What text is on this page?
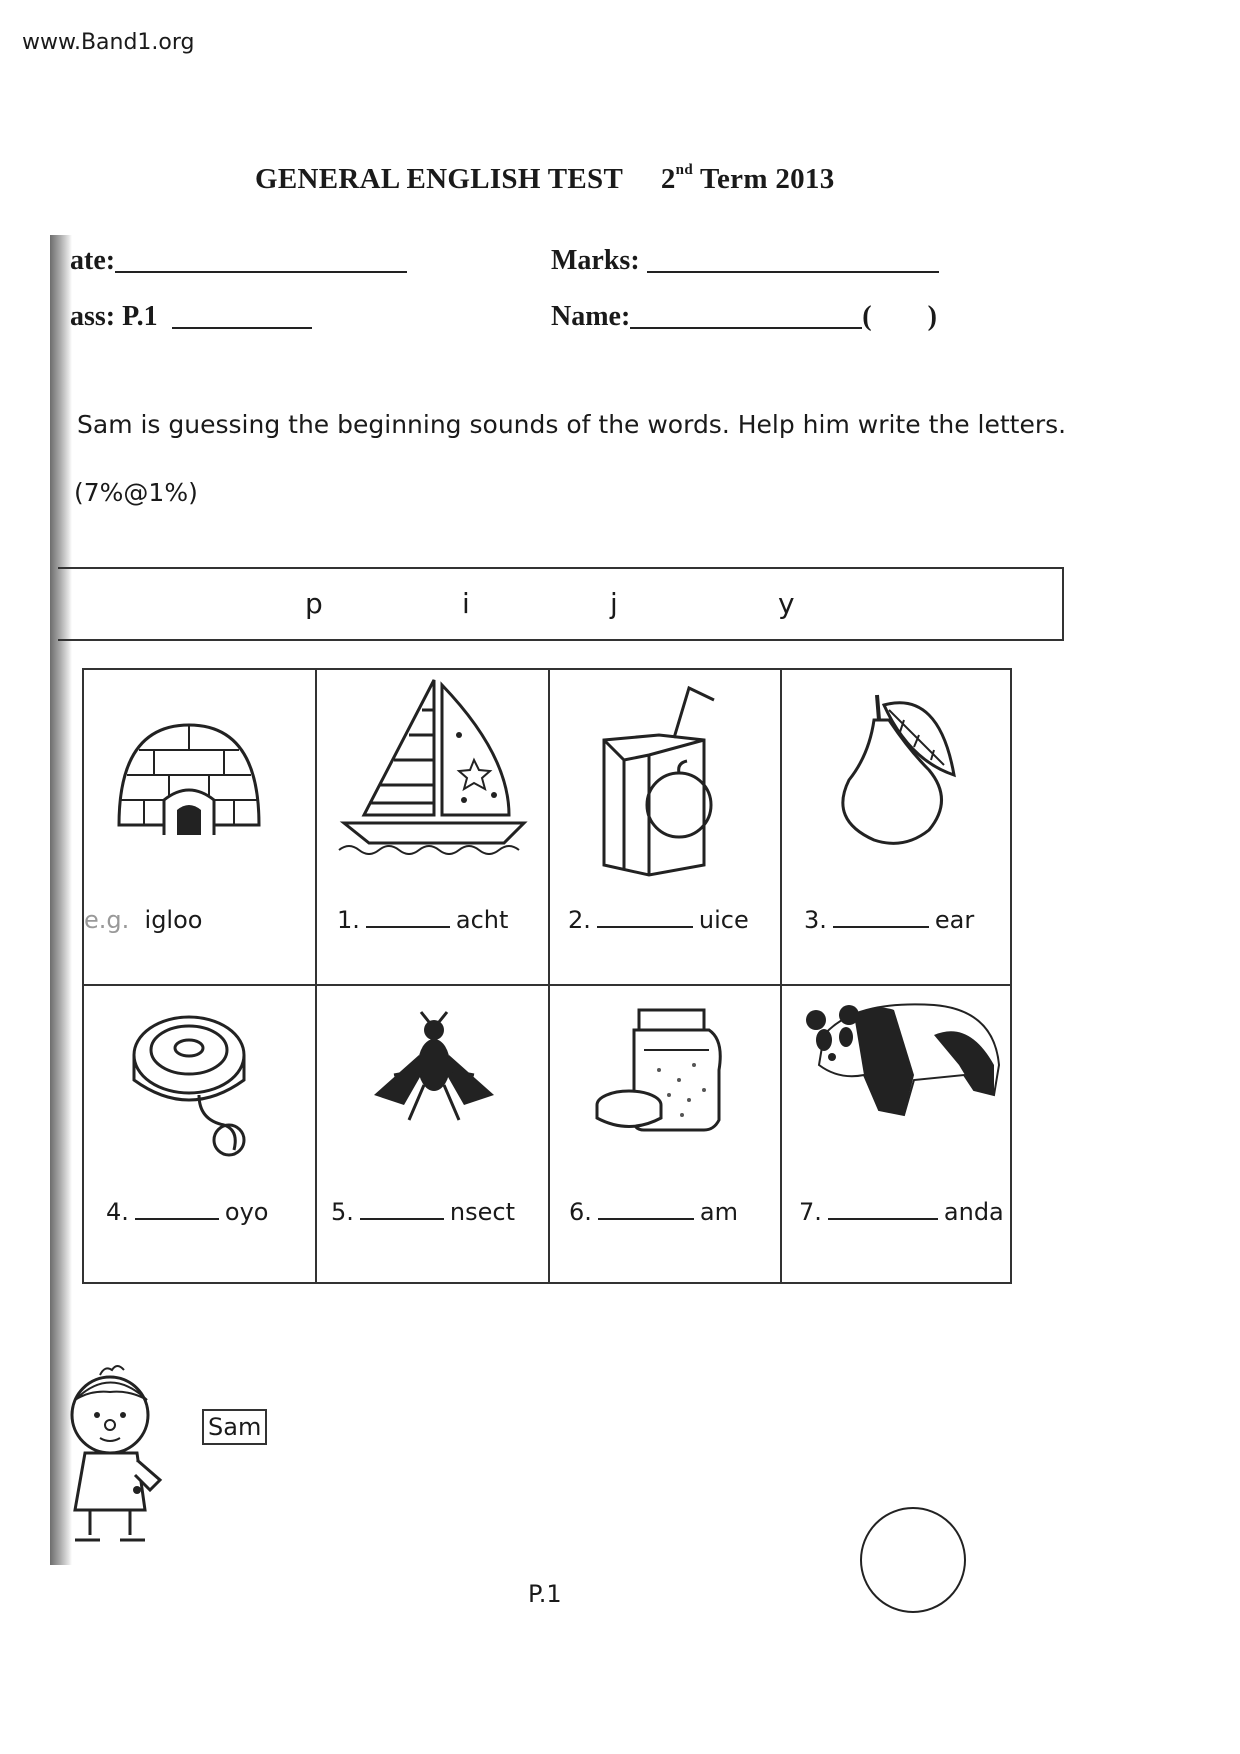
www.Band1.org
GENERAL ENGLISH TEST 2nd Term 2013
ate:	Marks:
ass: P.1	Name:	( )
Sam is guessing the beginning sounds of the words. Help him write the letters.
(7%@1%)
p	i	j	y
e.g. igloo	1.	acht 2.	uice 3.	ear
4.	oyo	5.	nsect 6.	am	7.	anda
Sam
P.1
